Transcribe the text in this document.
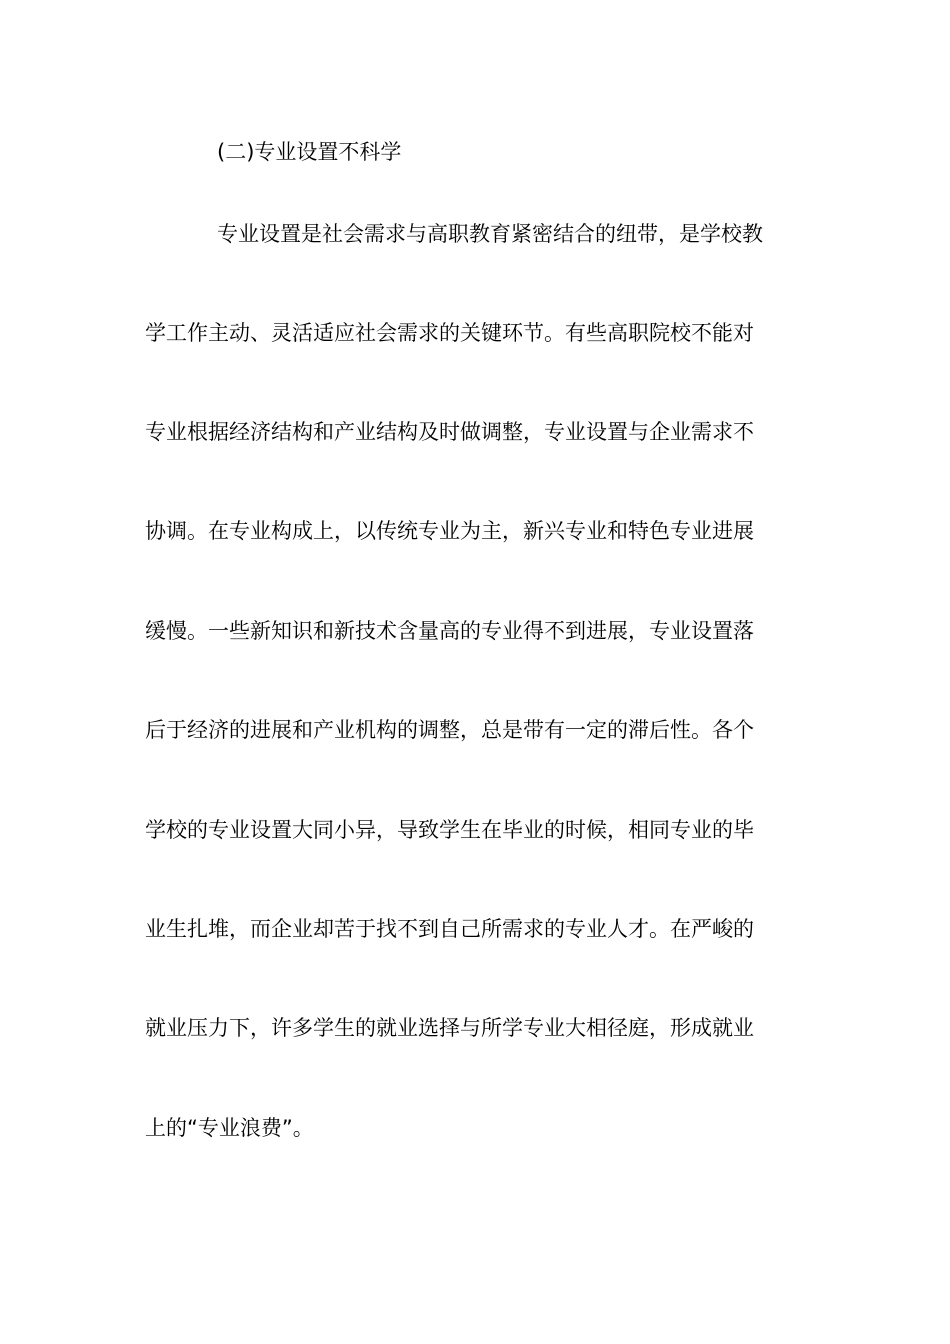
(二)专业设置不科学
专业设置是社会需求与高职教育紧密结合的纽带，是学校教
学工作主动、灵活适应社会需求的关键环节。有些高职院校不能对
专业根据经济结构和产业结构及时做调整，专业设置与企业需求不
协调。在专业构成上，以传统专业为主，新兴专业和特色专业进展
缓慢。一些新知识和新技术含量高的专业得不到进展，专业设置落
后于经济的进展和产业机构的调整，总是带有一定的滞后性。各个
学校的专业设置大同小异，导致学生在毕业的时候，相同专业的毕
业生扎堆，而企业却苦于找不到自己所需求的专业人才。在严峻的
就业压力下，许多学生的就业选择与所学专业大相径庭，形成就业
上的“专业浪费”。
